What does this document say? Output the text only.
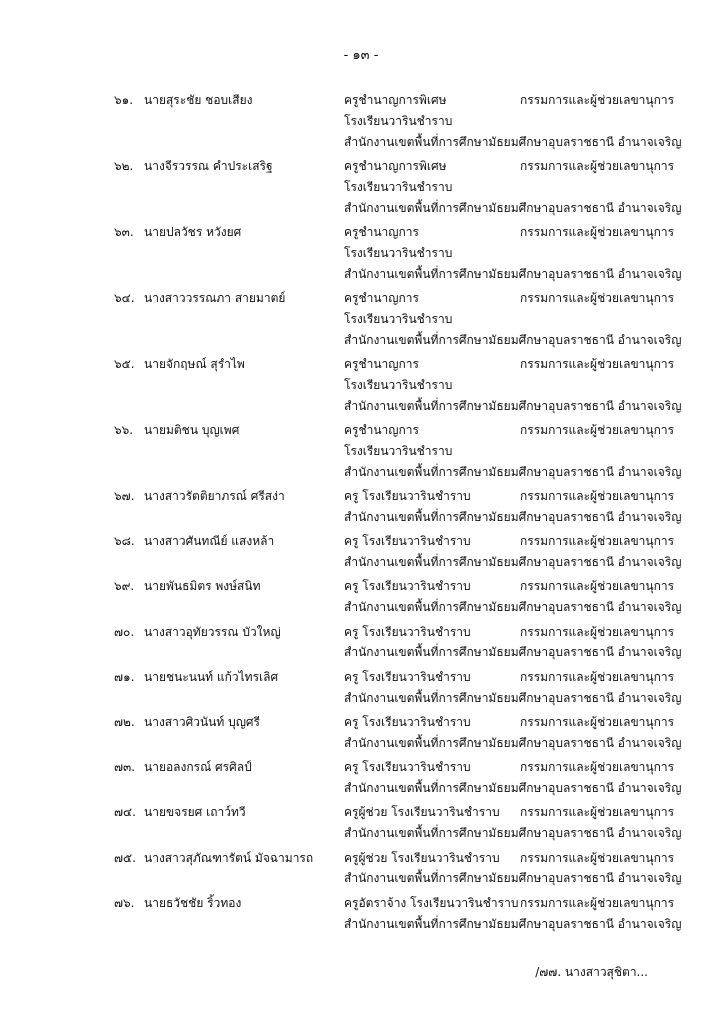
- ๑๓ -
๖๑. นายสุระชัย ชอบเสียง	ครูชำนาญการพิเศษ	กรรมการและผู้ช่วยเลขานุการ
โรงเรียนวารินชำราบ
สำนักงานเขตพื้นที่การศึกษามัธยมศึกษาอุบลราชธานี อำนาจเจริญ
๖๒. นางจีรวรรณ คำประเสริฐ	ครูชำนาญการพิเศษ	กรรมการและผู้ช่วยเลขานุการ
โรงเรียนวารินชำราบ
สำนักงานเขตพื้นที่การศึกษามัธยมศึกษาอุบลราชธานี อำนาจเจริญ
๖๓. นายปลวัชร หวังยศ	ครูชำนาญการ	กรรมการและผู้ช่วยเลขานุการ
โรงเรียนวารินชำราบ
สำนักงานเขตพื้นที่การศึกษามัธยมศึกษาอุบลราชธานี อำนาจเจริญ
๖๔. นางสาววรรณภา สายมาตย์	ครูชำนาญการ	กรรมการและผู้ช่วยเลขานุการ
โรงเรียนวารินชำราบ
สำนักงานเขตพื้นที่การศึกษามัธยมศึกษาอุบลราชธานี อำนาจเจริญ
๖๕. นายจักฤษณ์ สุรำไพ	ครูชำนาญการ	กรรมการและผู้ช่วยเลขานุการ
โรงเรียนวารินชำราบ
สำนักงานเขตพื้นที่การศึกษามัธยมศึกษาอุบลราชธานี อำนาจเจริญ
๖๖. นายมติชน บุญเพศ	ครูชำนาญการ	กรรมการและผู้ช่วยเลขานุการ
โรงเรียนวารินชำราบ
สำนักงานเขตพื้นที่การศึกษามัธยมศึกษาอุบลราชธานี อำนาจเจริญ
๖๗. นางสาวรัตติยาภรณ์ ศรีสง่า	ครู โรงเรียนวารินชำราบ	กรรมการและผู้ช่วยเลขานุการ
สำนักงานเขตพื้นที่การศึกษามัธยมศึกษาอุบลราชธานี อำนาจเจริญ
๖๘. นางสาวศันทณีย์ แสงหล้า	ครู โรงเรียนวารินชำราบ	กรรมการและผู้ช่วยเลขานุการ
สำนักงานเขตพื้นที่การศึกษามัธยมศึกษาอุบลราชธานี อำนาจเจริญ
๖๙. นายพันธมิตร พงษ์สนิท	ครู โรงเรียนวารินชำราบ	กรรมการและผู้ช่วยเลขานุการ
สำนักงานเขตพื้นที่การศึกษามัธยมศึกษาอุบลราชธานี อำนาจเจริญ
๗๐. นางสาวอุทัยวรรณ บัวใหญ่	ครู โรงเรียนวารินชำราบ	กรรมการและผู้ช่วยเลขานุการ
สำนักงานเขตพื้นที่การศึกษามัธยมศึกษาอุบลราชธานี อำนาจเจริญ
๗๑. นายชนะนนท์ แก้วไทรเลิศ	ครู โรงเรียนวารินชำราบ	กรรมการและผู้ช่วยเลขานุการ
สำนักงานเขตพื้นที่การศึกษามัธยมศึกษาอุบลราชธานี อำนาจเจริญ
๗๒. นางสาวศิวนันท์ บุญศรี	ครู โรงเรียนวารินชำราบ	กรรมการและผู้ช่วยเลขานุการ
สำนักงานเขตพื้นที่การศึกษามัธยมศึกษาอุบลราชธานี อำนาจเจริญ
๗๓. นายอลงกรณ์ ศรศิลป์	ครู โรงเรียนวารินชำราบ	กรรมการและผู้ช่วยเลขานุการ
สำนักงานเขตพื้นที่การศึกษามัธยมศึกษาอุบลราชธานี อำนาจเจริญ
๗๔. นายขจรยศ เถาว์ทวี	ครูผู้ช่วย โรงเรียนวารินชำราบ กรรมการและผู้ช่วยเลขานุการ
สำนักงานเขตพื้นที่การศึกษามัธยมศึกษาอุบลราชธานี อำนาจเจริญ
๗๕. นางสาวสุภัณฑารัตน์ มัจฉามารถ	ครูผู้ช่วย โรงเรียนวารินชำราบ กรรมการและผู้ช่วยเลขานุการ
สำนักงานเขตพื้นที่การศึกษามัธยมศึกษาอุบลราชธานี อำนาจเจริญ
๗๖. นายธวัชชัย ริ้วทอง	ครูอัตราจ้าง โรงเรียนวารินชำราบ กรรมการและผู้ช่วยเลขานุการ
สำนักงานเขตพื้นที่การศึกษามัธยมศึกษาอุบลราชธานี อำนาจเจริญ
/๗๗. นางสาวสุชิตา...
